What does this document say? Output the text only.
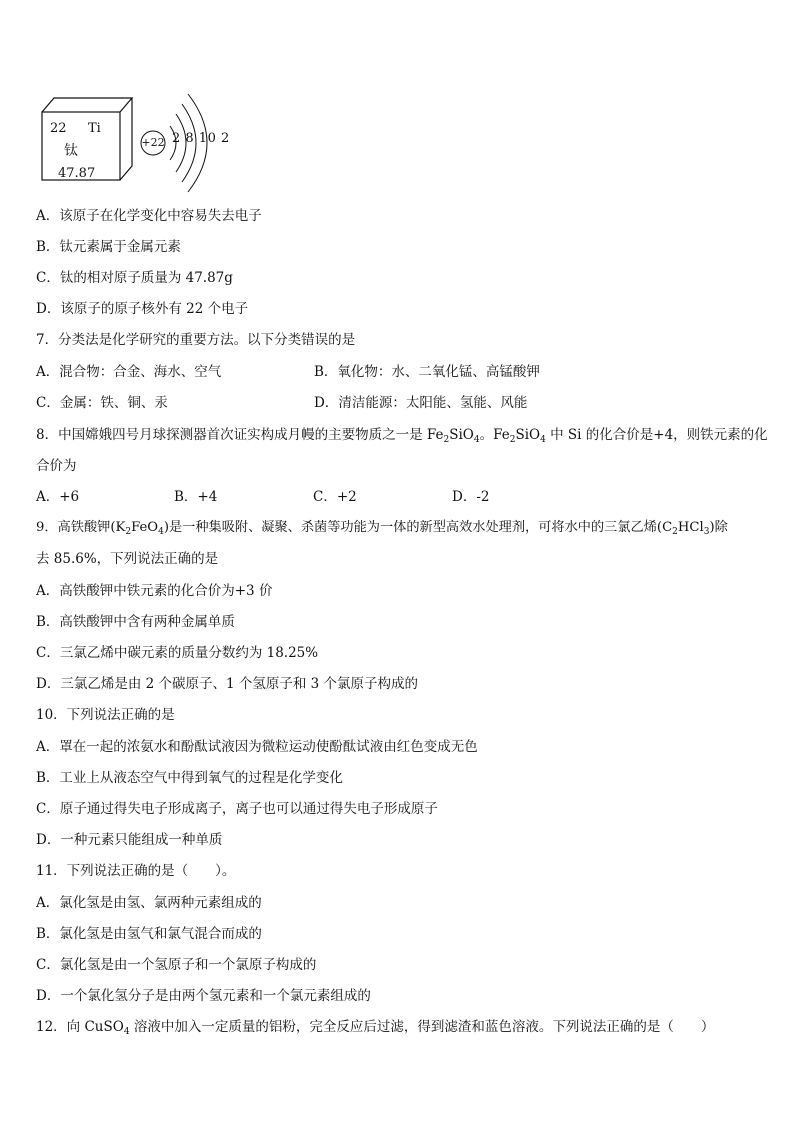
22 Ti
钛
47.87
+22 2 8 10 2
A．该原子在化学变化中容易失去电子
B．钛元素属于金属元素
C．钛的相对原子质量为 47.87g
D．该原子的原子核外有 22 个电子
7．分类法是化学研究的重要方法。以下分类错误的是
A．混合物：合金、海水、空气	B．氧化物：水、二氧化锰、高锰酸钾
C．金属：铁、铜、汞	D．清洁能源：太阳能、氢能、风能
8．中国嫦娥四号月球探测器首次证实构成月幔的主要物质之一是 $Fe_2SiO_4$。$Fe_2SiO_4$ 中 Si 的化合价是+4，则铁元素的化
合价为
A．+6	B．+4	C．+2	D．-2
9．高铁酸钾$(K_2FeO_4)$是一种集吸附、凝聚、杀菌等功能为一体的新型高效水处理剂，可将水中的三氯乙烯$(C_2HCl_3)$除
去 85.6%，下列说法正确的是
A．高铁酸钾中铁元素的化合价为+3 价
B．高铁酸钾中含有两种金属单质
C．三氯乙烯中碳元素的质量分数约为 18.25%
D．三氯乙烯是由 2 个碳原子、1 个氢原子和 3 个氯原子构成的
10．下列说法正确的是
A．罩在一起的浓氨水和酚酞试液因为微粒运动使酚酞试液由红色变成无色
B．工业上从液态空气中得到氧气的过程是化学变化
C．原子通过得失电子形成离子，离子也可以通过得失电子形成原子
D．一种元素只能组成一种单质
11．下列说法正确的是（　　）。
A．氯化氢是由氢、氯两种元素组成的
B．氯化氢是由氢气和氯气混合而成的
C．氯化氢是由一个氢原子和一个氯原子构成的
D．一个氯化氢分子是由两个氢元素和一个氯元素组成的
12．向 CuSO$_4$ 溶液中加入一定质量的铝粉，完全反应后过滤，得到滤渣和蓝色溶液。下列说法正确的是（　　）
